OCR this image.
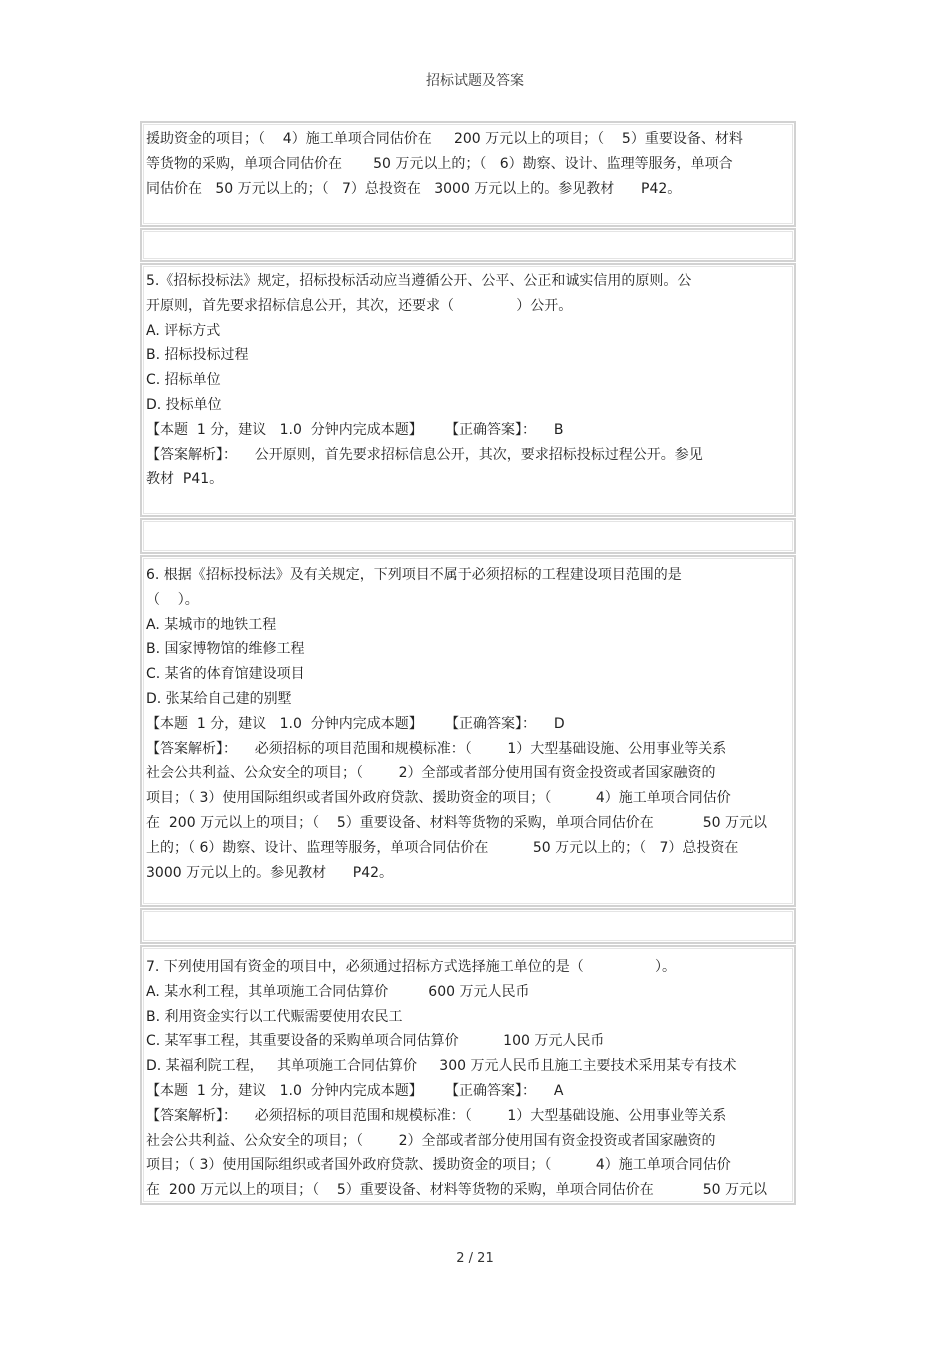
招标试题及答案
援助资金的项目；（    4）施工单项合同估价在     200 万元以上的项目；（    5）重要设备、材料
等货物的采购，单项合同估价在       50 万元以上的；（   6）勘察、设计、监理等服务，单项合
同估价在   50 万元以上的；（   7）总投资在   3000 万元以上的。参见教材      P42。
5.《招标投标法》规定，招标投标活动应当遵循公开、公平、公正和诚实信用的原则。公
开原则，首先要求招标信息公开，其次，还要求（              ）公开。
A. 评标方式
B. 招标投标过程
C. 招标单位
D. 投标单位
【本题  1 分，建议   1.0  分钟内完成本题】     【正确答案】：    B
【答案解析】：    公开原则，首先要求招标信息公开，其次，要求招标投标过程公开。参见
教材  P41。
6. 根据《招标投标法》及有关规定，下列项目不属于必须招标的工程建设项目范围的是
（    ）。
A. 某城市的地铁工程
B. 国家博物馆的维修工程
C. 某省的体育馆建设项目
D. 张某给自己建的别墅
【本题  1 分，建议   1.0  分钟内完成本题】     【正确答案】：    D
【答案解析】：    必须招标的项目范围和规模标准：（        1）大型基础设施、公用事业等关系
社会公共利益、公众安全的项目；（        2）全部或者部分使用国有资金投资或者国家融资的
项目；（ 3）使用国际组织或者国外政府贷款、援助资金的项目；（          4）施工单项合同估价
在  200 万元以上的项目；（    5）重要设备、材料等货物的采购，单项合同估价在           50 万元以
上的；（ 6）勘察、设计、监理等服务，单项合同估价在          50 万元以上的；（   7）总投资在
3000 万元以上的。参见教材      P42。
7. 下列使用国有资金的项目中，必须通过招标方式选择施工单位的是（                ）。
A. 某水利工程，其单项施工合同估算价         600 万元人民币
B. 利用资金实行以工代赈需要使用农民工
C. 某军事工程，其重要设备的采购单项合同估算价          100 万元人民币
D. 某福利院工程，   其单项施工合同估算价     300 万元人民币且施工主要技术采用某专有技术
【本题  1 分，建议   1.0  分钟内完成本题】     【正确答案】：    A
【答案解析】：    必须招标的项目范围和规模标准：（        1）大型基础设施、公用事业等关系
社会公共利益、公众安全的项目；（        2）全部或者部分使用国有资金投资或者国家融资的
项目；（ 3）使用国际组织或者国外政府贷款、援助资金的项目；（          4）施工单项合同估价
在  200 万元以上的项目；（    5）重要设备、材料等货物的采购，单项合同估价在           50 万元以
2 / 21
